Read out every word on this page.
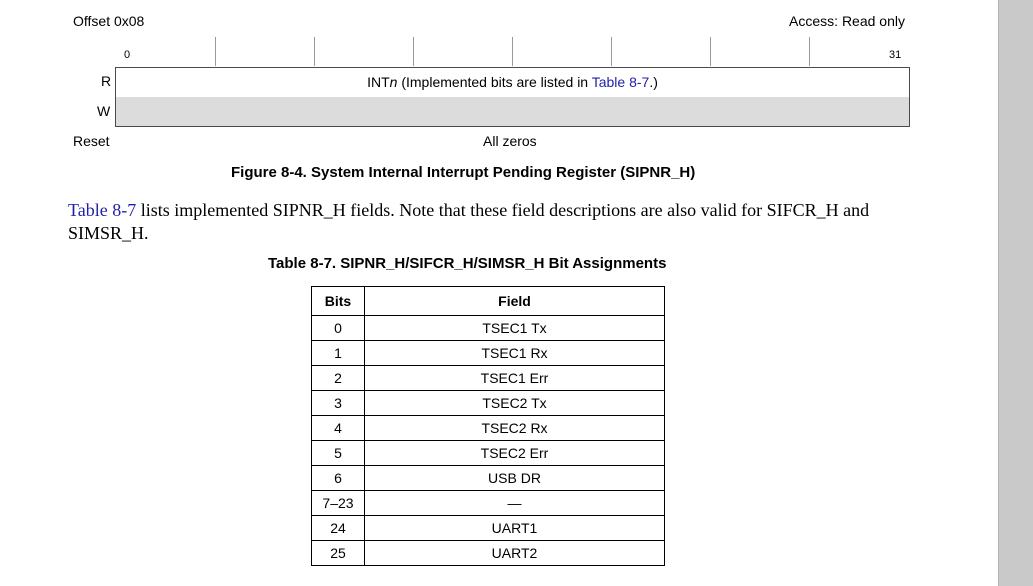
Offset 0x08	Access: Read only
0	31
R
W
INTn (Implemented bits are listed in Table 8-7.)
Reset	All zeros
Figure 8-4. System Internal Interrupt Pending Register (SIPNR_H)
Table 8-7 lists implemented SIPNR_H fields. Note that these field descriptions are also valid for SIFCR_H and SIMSR_H.
Table 8-7. SIPNR_H/SIFCR_H/SIMSR_H Bit Assignments
Bits	Field
0	TSEC1 Tx
1	TSEC1 Rx
2	TSEC1 Err
3	TSEC2 Tx
4	TSEC2 Rx
5	TSEC2 Err
6	USB DR
7–23	—
24	UART1
25	UART2
